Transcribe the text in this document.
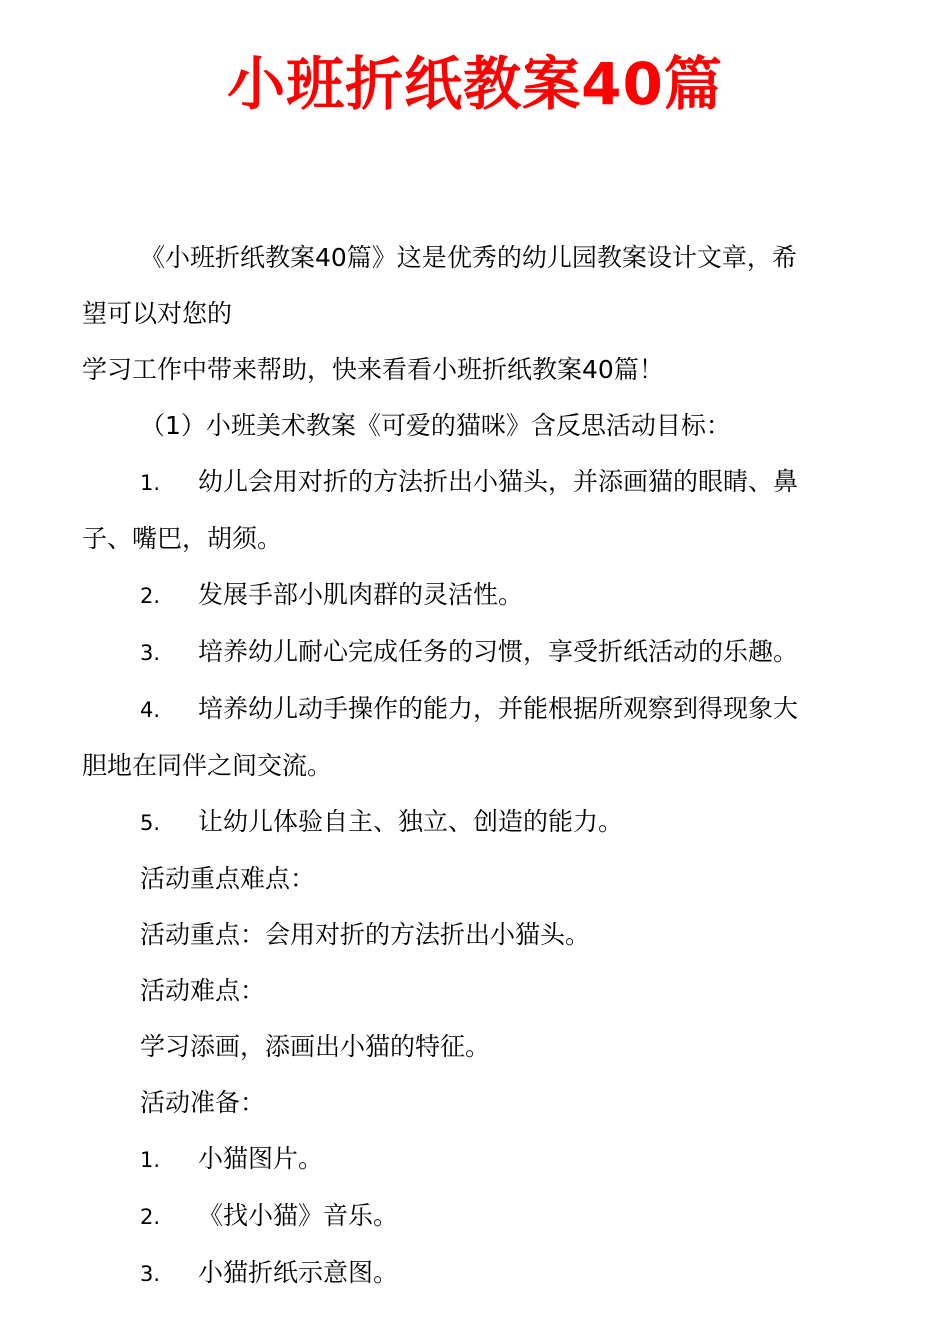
小班折纸教案40篇

《小班折纸教案40篇》这是优秀的幼儿园教案设计文章，希

望可以对您的

学习工作中带来帮助，快来看看小班折纸教案40篇！

（1）小班美术教案《可爱的猫咪》含反思活动目标：

1. 幼儿会用对折的方法折出小猫头，并添画猫的眼睛、鼻

子、嘴巴，胡须。

2. 发展手部小肌肉群的灵活性。

3. 培养幼儿耐心完成任务的习惯，享受折纸活动的乐趣。

4. 培养幼儿动手操作的能力，并能根据所观察到得现象大

胆地在同伴之间交流。

5. 让幼儿体验自主、独立、创造的能力。

活动重点难点：

活动重点：会用对折的方法折出小猫头。

活动难点：

学习添画，添画出小猫的特征。

活动准备：

1. 小猫图片。

2. 《找小猫》音乐。

3. 小猫折纸示意图。
